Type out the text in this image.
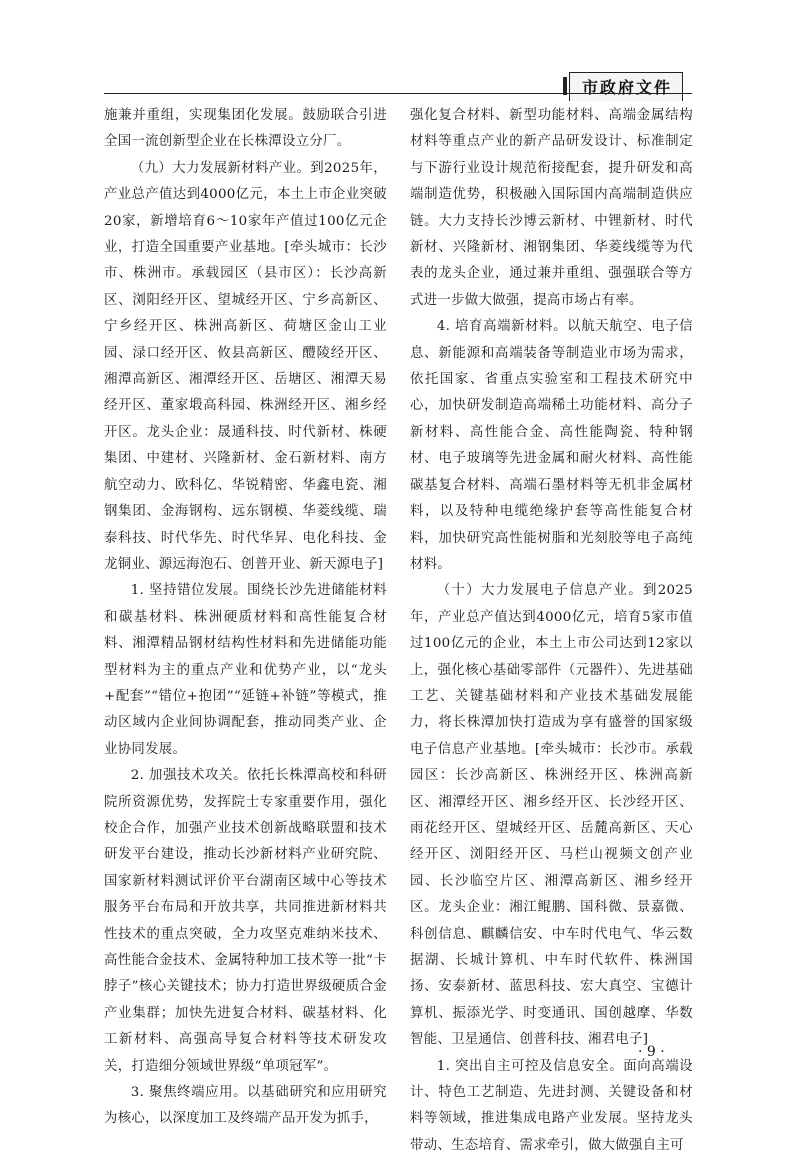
市政府文件

施兼并重组，实现集团化发展。鼓励联合引进全国一流创新型企业在长株潭设立分厂。

（九）大力发展新材料产业。到2025年，产业总产值达到4000亿元，本土上市企业突破20家，新增培育6～10家年产值过100亿元企业，打造全国重要产业基地。[牵头城市：长沙市、株洲市。承载园区（县市区）：长沙高新区、浏阳经开区、望城经开区、宁乡高新区、宁乡经开区、株洲高新区、荷塘区金山工业园、渌口经开区、攸县高新区、醴陵经开区、湘潭高新区、湘潭经开区、岳塘区、湘潭天易经开区、董家塅高科园、株洲经开区、湘乡经开区。龙头企业：晟通科技、时代新材、株硬集团、中建材、兴隆新材、金石新材料、南方航空动力、欧科亿、华锐精密、华鑫电瓷、湘钢集团、金海钢构、远东钢模、华菱线缆、瑞泰科技、时代华先、时代华昇、电化科技、金龙铜业、源远海泡石、创普开业、新天源电子]

1. 坚持错位发展。围绕长沙先进储能材料和碳基材料、株洲硬质材料和高性能复合材料、湘潭精品钢材结构性材料和先进储能功能型材料为主的重点产业和优势产业，以“龙头+配套”“错位+抱团”“延链+补链”等模式，推动区域内企业间协调配套，推动同类产业、企业协同发展。

2. 加强技术攻关。依托长株潭高校和科研院所资源优势，发挥院士专家重要作用，强化校企合作，加强产业技术创新战略联盟和技术研发平台建设，推动长沙新材料产业研究院、国家新材料测试评价平台湖南区域中心等技术服务平台布局和开放共享，共同推进新材料共性技术的重点突破，全力攻坚克难纳米技术、高性能合金技术、金属特种加工技术等一批“卡脖子”核心关键技术；协力打造世界级硬质合金产业集群；加快先进复合材料、碳基材料、化工新材料、高强高导复合材料等技术研发攻关，打造细分领域世界级“单项冠军”。

3. 聚焦终端应用。以基础研究和应用研究为核心，以深度加工及终端产品开发为抓手，

强化复合材料、新型功能材料、高端金属结构材料等重点产业的新产品研发设计、标准制定与下游行业设计规范衔接配套，提升研发和高端制造优势，积极融入国际国内高端制造供应链。大力支持长沙博云新材、中锂新材、时代新材、兴隆新材、湘钢集团、华菱线缆等为代表的龙头企业，通过兼并重组、强强联合等方式进一步做大做强，提高市场占有率。

4. 培育高端新材料。以航天航空、电子信息、新能源和高端装备等制造业市场为需求，依托国家、省重点实验室和工程技术研究中心，加快研发制造高端稀土功能材料、高分子新材料、高性能合金、高性能陶瓷、特种钢材、电子玻璃等先进金属和耐火材料、高性能碳基复合材料、高端石墨材料等无机非金属材料，以及特种电缆绝缘护套等高性能复合材料，加快研究高性能树脂和光刻胶等电子高纯材料。

（十）大力发展电子信息产业。到2025年，产业总产值达到4000亿元，培育5家市值过100亿元的企业，本土上市公司达到12家以上，强化核心基础零部件（元器件）、先进基础工艺、关键基础材料和产业技术基础发展能力，将长株潭加快打造成为享有盛誉的国家级电子信息产业基地。[牵头城市：长沙市。承载园区：长沙高新区、株洲经开区、株洲高新区、湘潭经开区、湘乡经开区、长沙经开区、雨花经开区、望城经开区、岳麓高新区、天心经开区、浏阳经开区、马栏山视频文创产业园、长沙临空片区、湘潭高新区、湘乡经开区。龙头企业：湘江鲲鹏、国科微、景嘉微、科创信息、麒麟信安、中车时代电气、华云数据湖、长城计算机、中车时代软件、株洲国扬、安泰新材、蓝思科技、宏大真空、宝德计算机、振添光学、时变通讯、国创越摩、华数智能、卫星通信、创普科技、湘君电子]

1. 突出自主可控及信息安全。面向高端设计、特色工艺制造、先进封测、关键设备和材料等领域，推进集成电路产业发展。坚持龙头带动、生态培育、需求牵引，做大做强自主可

· 9 ·
